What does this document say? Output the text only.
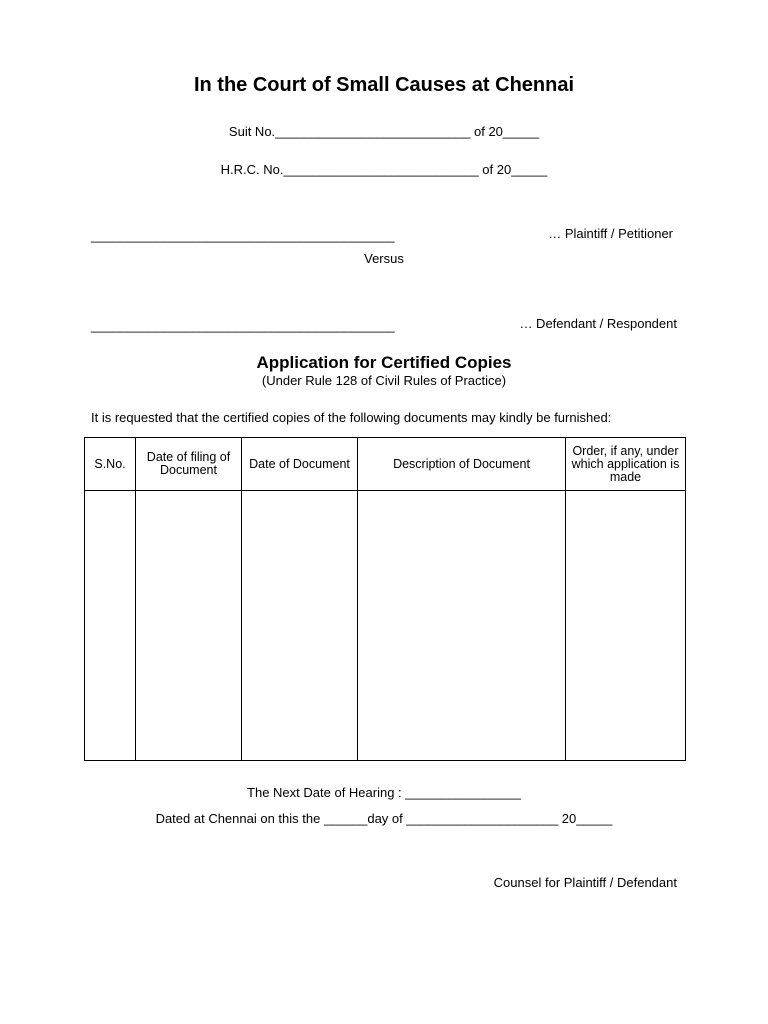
In the Court of Small Causes at Chennai
Suit No.___________________________ of 20_____
H.R.C. No.___________________________ of 20_____
__________________________________________	… Plaintiff / Petitioner
Versus
__________________________________________	… Defendant / Respondent
Application for Certified Copies
(Under Rule 128 of Civil Rules of Practice)
It is requested that the certified copies of the following documents may kindly be furnished:
S.No.	Date of filing of Document	Date of Document	Description of Document	Order, if any, under which application is made

The Next Date of Hearing : ________________
Dated at Chennai on this the ______day of _____________________ 20_____
Counsel for Plaintiff / Defendant
